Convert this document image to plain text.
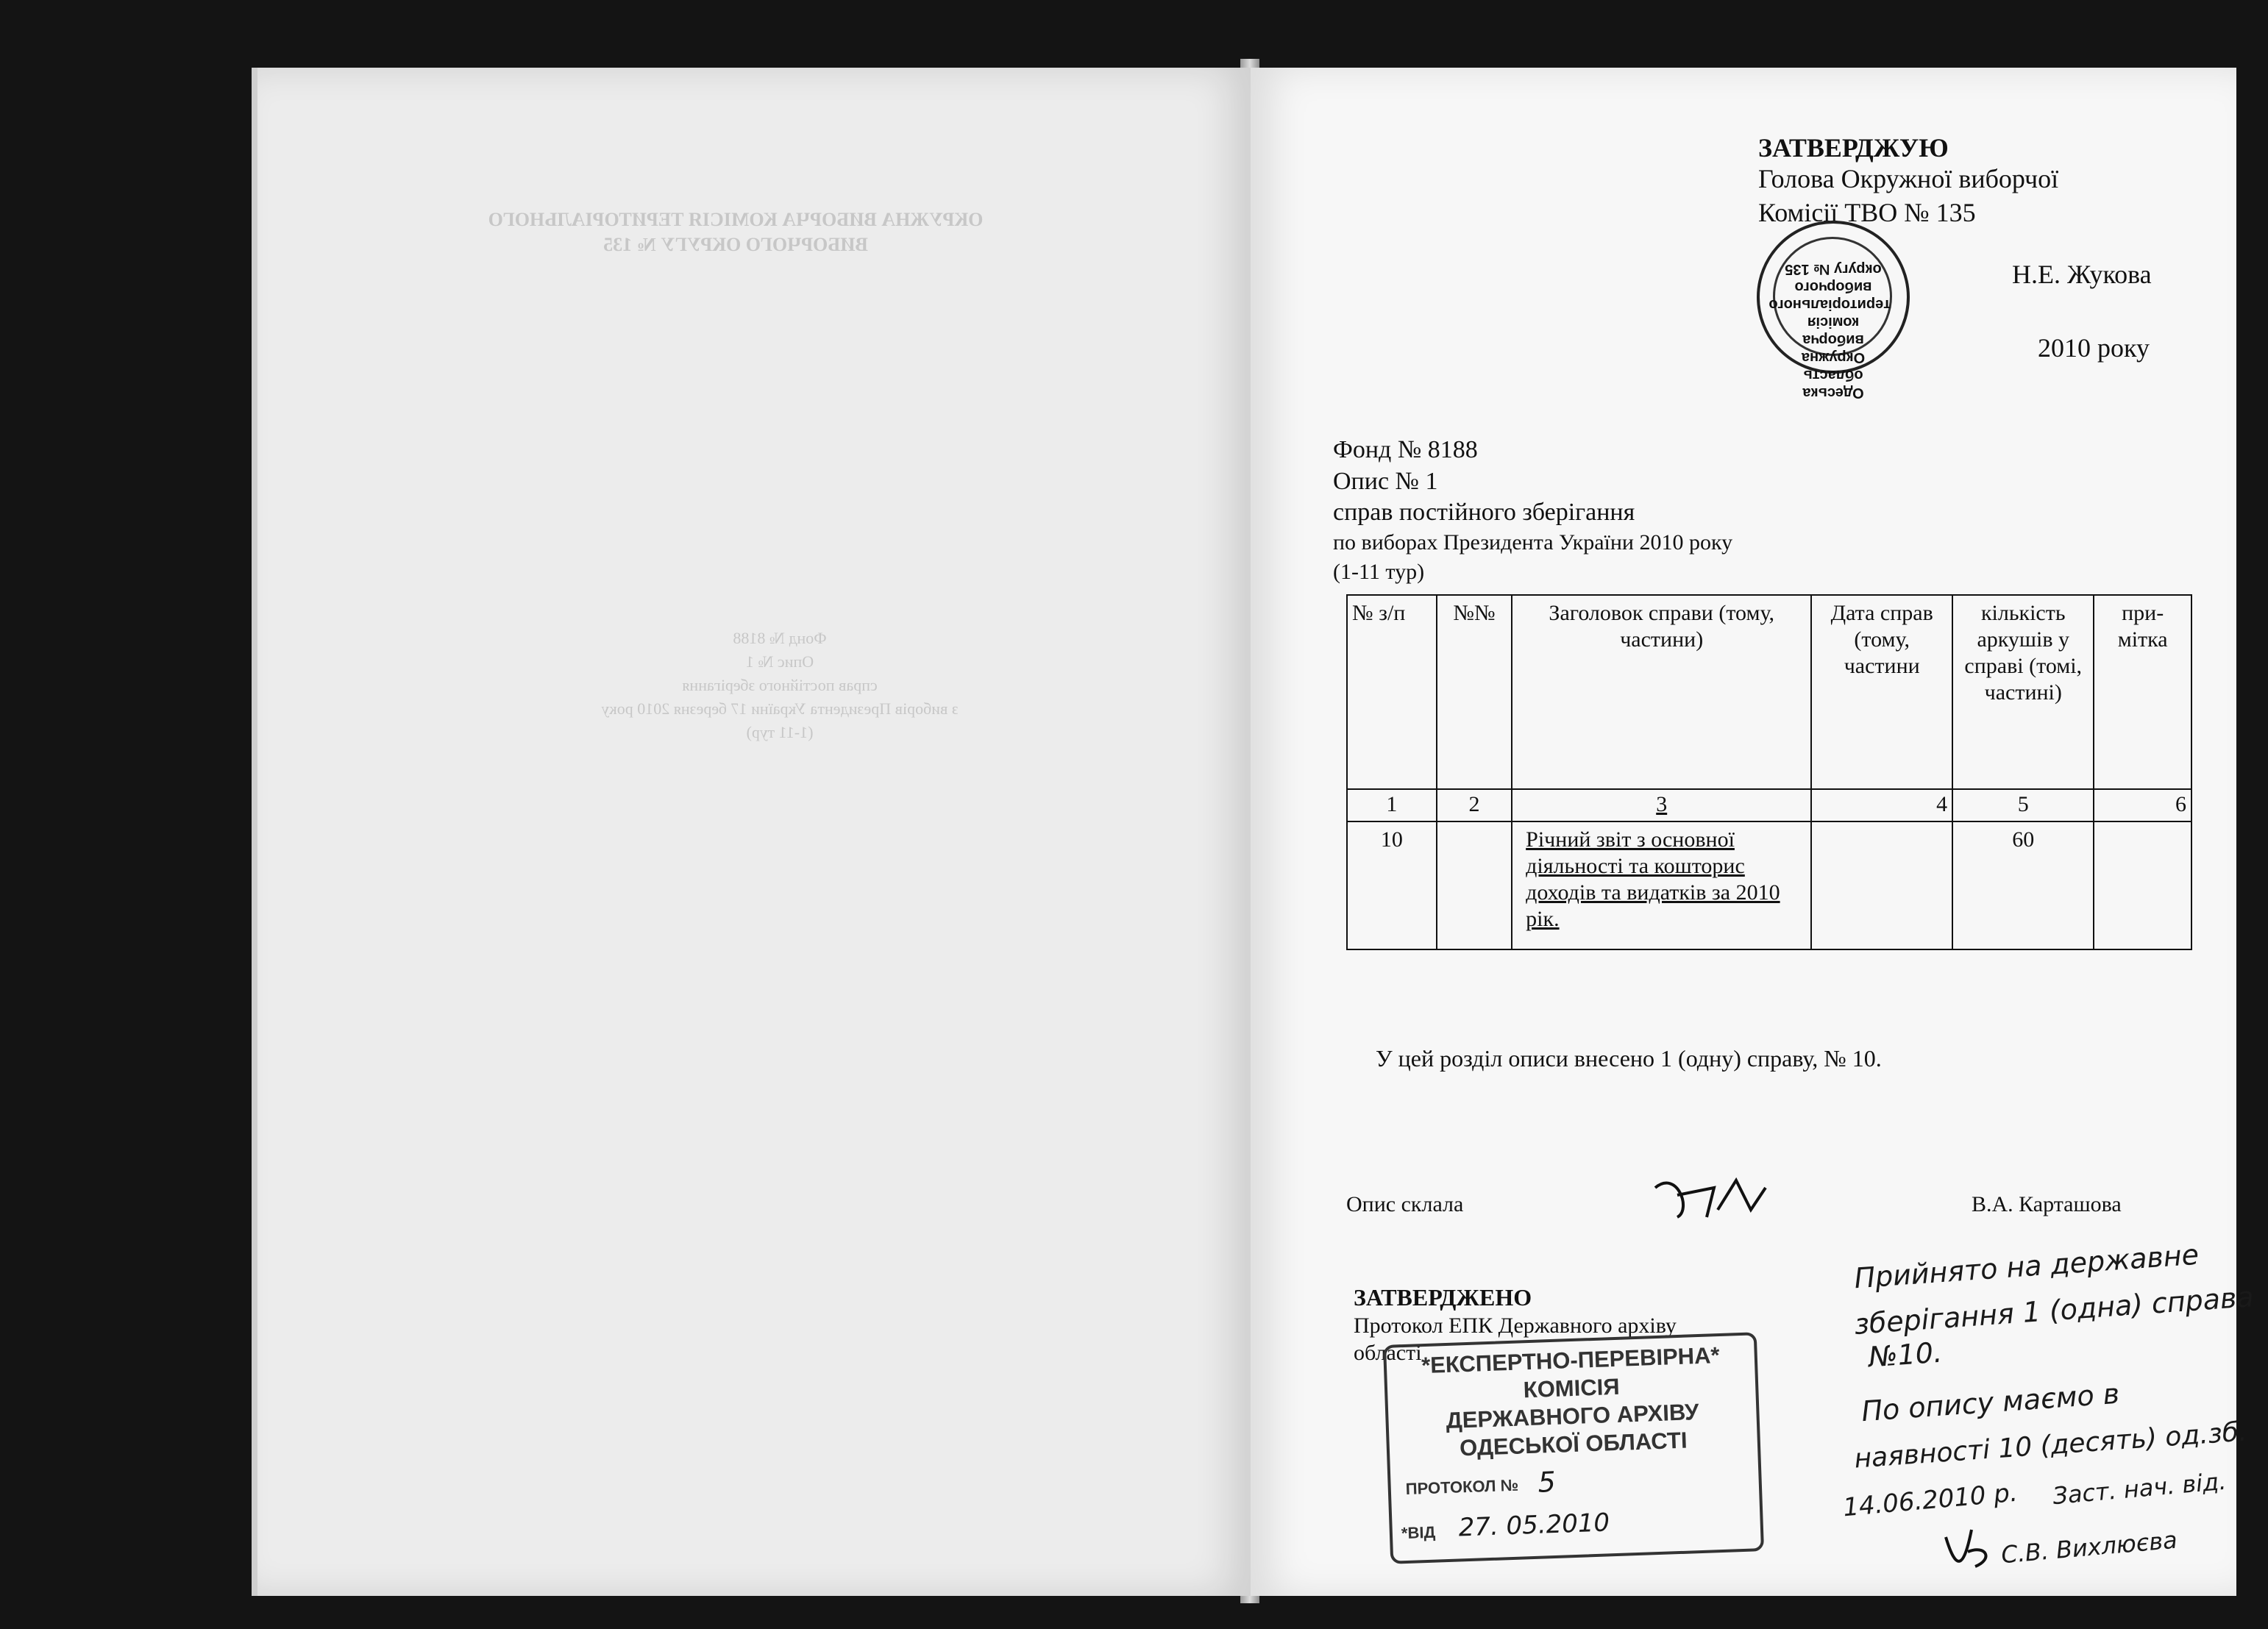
ОКРУЖНА ВИБОРЧА КОМІСІЯ ТЕРИТОРІАЛЬНОГО ВИБОРЧОГО ОКРУГУ № 135
Фонд № 8188
Опис № 1
справ постійного зберігання
з виборів Президента України 17 березня 2010 року
(1-11 тур)
ЗАТВЕРДЖУЮ
Голова Окружної виборчої
Комісії ТВО № 135
Н.Е. Жукова
2010 року
Одеська область Окружна виборча комісія територіального виборчого округу № 135
Фонд № 8188
Опис № 1
справ постійного зберігання
по виборах Президента України 2010 року
(1-11 тур)
№ з/п	№№	Заголовок справи (тому, частини)	Дата справ (тому, частини	кількість аркушів у справі (томі, частині)	при-мітка
1	2	3	4	5	6
10		Річний звіт з основної діяльності та кошторис доходів та видатків за 2010 рік.		60	
У цей розділ описи внесено 1 (одну) справу, № 10.
Опис склала	В.А. Карташова
ЗАТВЕРДЖЕНО
Протокол ЕПК Державного архіву
області *ЕКСПЕРТНО-ПЕРЕВІРНА*
КОМІСІЯ
ДЕРЖАВНОГО АРХІВУ
ОДЕСЬКОЇ ОБЛАСТІ
ПРОТОКОЛ № 5
*ВІД 27. 05.2010
Прийнято на державне
зберігання 1 (одна) справа
№10.
По опису маємо в
наявності 10 (десять) од.зб.
14.06.2010 р. Заст. нач. від.
С.В. Вихлюєва
